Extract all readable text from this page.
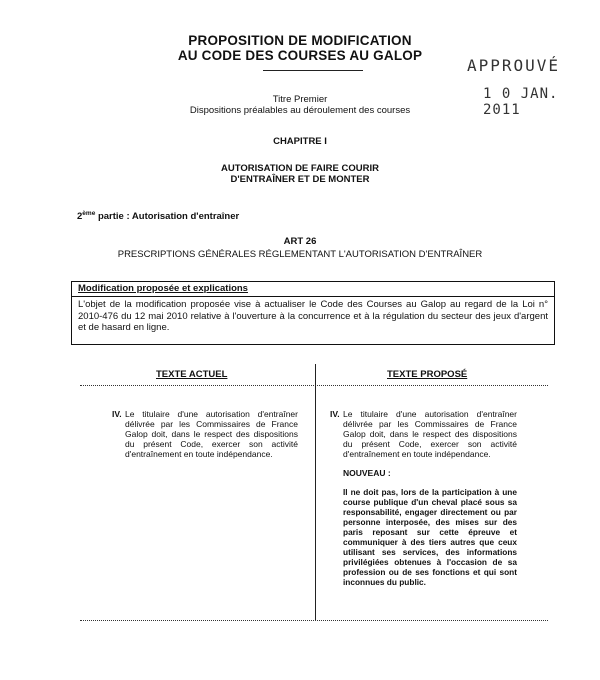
PROPOSITION DE MODIFICATION
AU CODE DES COURSES AU GALOP
APPROUVÉ
1 0 JAN. 2011
Titre Premier
Dispositions préalables au déroulement des courses
CHAPITRE I
AUTORISATION DE FAIRE COURIR
D'ENTRAÎNER ET DE MONTER
2ème partie : Autorisation d'entraîner
ART 26
PRESCRIPTIONS GÉNÉRALES RÉGLEMENTANT L'AUTORISATION D'ENTRAÎNER
Modification proposée et explications
L'objet de la modification proposée vise à actualiser le Code des Courses au Galop au regard de la Loi n° 2010-476 du 12 mai 2010 relative à l'ouverture à la concurrence et à la régulation du secteur des jeux d'argent et de hasard en ligne.
TEXTE ACTUEL	TEXTE PROPOSÉ
IV. Le titulaire d'une autorisation d'entraîner délivrée par les Commissaires de France Galop doit, dans le respect des dispositions du présent Code, exercer son activité d'entraînement en toute indépendance.
IV. Le titulaire d'une autorisation d'entraîner délivrée par les Commissaires de France Galop doit, dans le respect des dispositions du présent Code, exercer son activité d'entraînement en toute indépendance.
NOUVEAU :
Il ne doit pas, lors de la participation à une course publique d'un cheval placé sous sa responsabilité, engager directement ou par personne interposée, des mises sur des paris reposant sur cette épreuve et communiquer à des tiers autres que ceux utilisant ses services, des informations privilégiées obtenues à l'occasion de sa profession ou de ses fonctions et qui sont inconnues du public.
